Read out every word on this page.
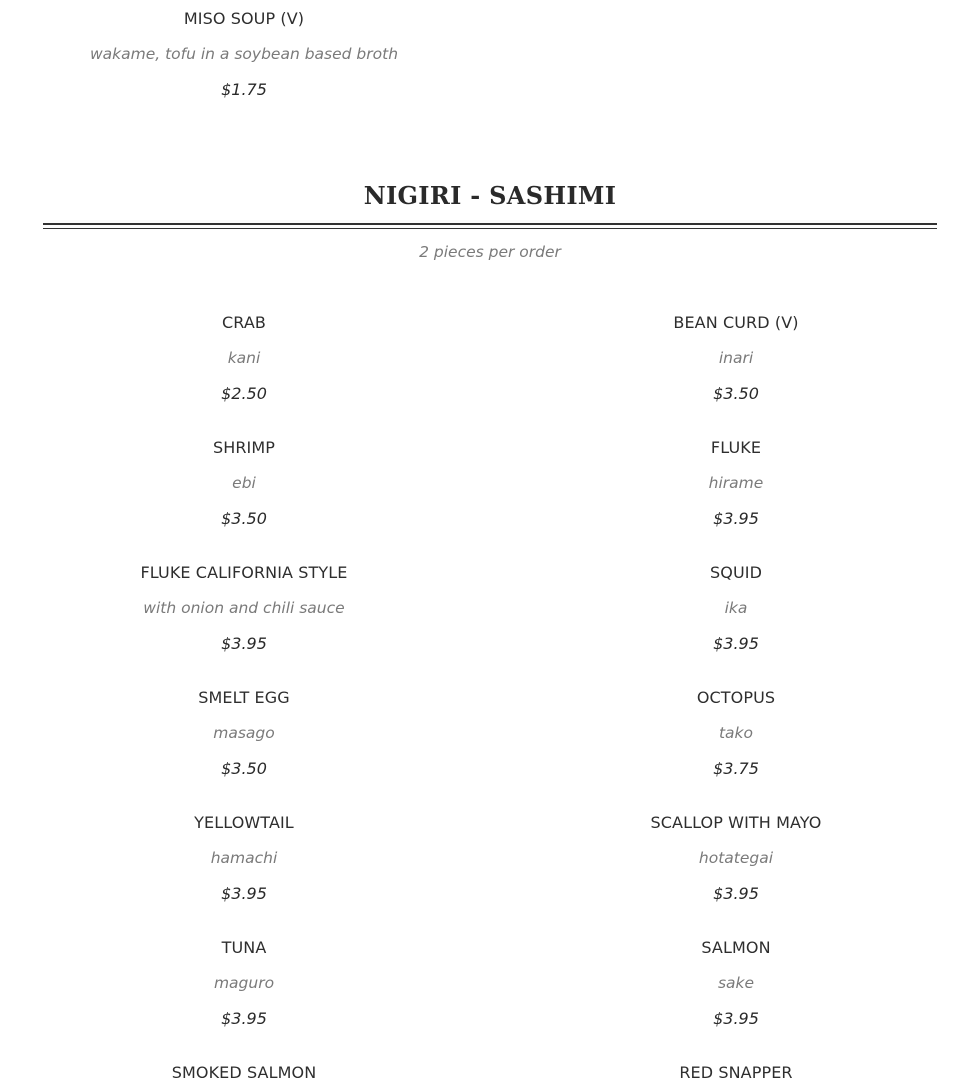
MISO SOUP (V)
wakame, tofu in a soybean based broth
$1.75
NIGIRI - SASHIMI
2 pieces per order
CRAB
kani
$2.50
SHRIMP
ebi
$3.50
FLUKE CALIFORNIA STYLE
with onion and chili sauce
$3.95
SMELT EGG
masago
$3.50
YELLOWTAIL
hamachi
$3.95
TUNA
maguro
$3.95
SMOKED SALMON
BEAN CURD (V)
inari
$3.50
FLUKE
hirame
$3.95
SQUID
ika
$3.95
OCTOPUS
tako
$3.75
SCALLOP WITH MAYO
hotategai
$3.95
SALMON
sake
$3.95
RED SNAPPER
